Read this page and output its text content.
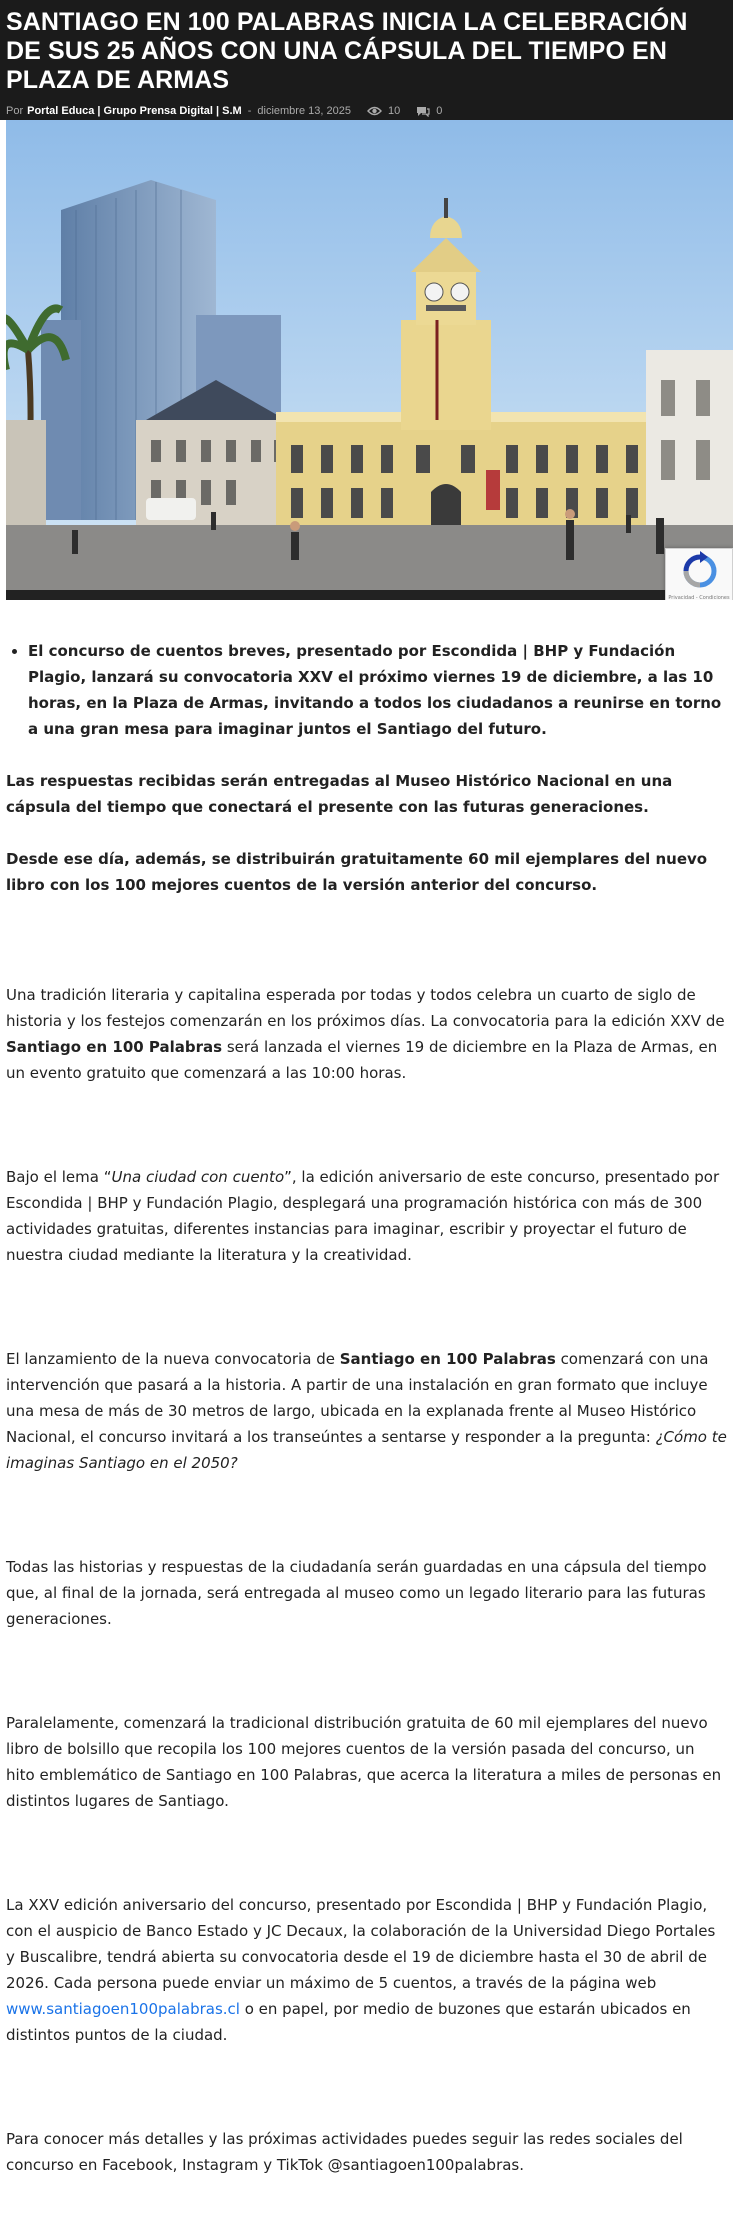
SANTIAGO EN 100 PALABRAS INICIA LA CELEBRACIÓN DE SUS 25 AÑOS CON UNA CÁPSULA DEL TIEMPO EN PLAZA DE ARMAS
Por Portal Educa | Grupo Prensa Digital | S.M - diciembre 13, 2025	10	0
Privacidad - Condiciones
• El concurso de cuentos breves, presentado por Escondida | BHP y Fundación Plagio, lanzará su convocatoria XXV el próximo viernes 19 de diciembre, a las 10 horas, en la Plaza de Armas, invitando a todos los ciudadanos a reunirse en torno a una gran mesa para imaginar juntos el Santiago del futuro.

Las respuestas recibidas serán entregadas al Museo Histórico Nacional en una cápsula del tiempo que conectará el presente con las futuras generaciones.

Desde ese día, además, se distribuirán gratuitamente 60 mil ejemplares del nuevo libro con los 100 mejores cuentos de la versión anterior del concurso.

Una tradición literaria y capitalina esperada por todas y todos celebra un cuarto de siglo de historia y los festejos comenzarán en los próximos días. La convocatoria para la edición XXV de Santiago en 100 Palabras será lanzada el viernes 19 de diciembre en la Plaza de Armas, en un evento gratuito que comenzará a las 10:00 horas.

Bajo el lema “Una ciudad con cuento”, la edición aniversario de este concurso, presentado por Escondida | BHP y Fundación Plagio, desplegará una programación histórica con más de 300 actividades gratuitas, diferentes instancias para imaginar, escribir y proyectar el futuro de nuestra ciudad mediante la literatura y la creatividad.

El lanzamiento de la nueva convocatoria de Santiago en 100 Palabras comenzará con una intervención que pasará a la historia. A partir de una instalación en gran formato que incluye una mesa de más de 30 metros de largo, ubicada en la explanada frente al Museo Histórico Nacional, el concurso invitará a los transeúntes a sentarse y responder a la pregunta: ¿Cómo te imaginas Santiago en el 2050?

Todas las historias y respuestas de la ciudadanía serán guardadas en una cápsula del tiempo que, al final de la jornada, será entregada al museo como un legado literario para las futuras generaciones.

Paralelamente, comenzará la tradicional distribución gratuita de 60 mil ejemplares del nuevo libro de bolsillo que recopila los 100 mejores cuentos de la versión pasada del concurso, un hito emblemático de Santiago en 100 Palabras, que acerca la literatura a miles de personas en distintos lugares de Santiago.

La XXV edición aniversario del concurso, presentado por Escondida | BHP y Fundación Plagio, con el auspicio de Banco Estado y JC Decaux, la colaboración de la Universidad Diego Portales y Buscalibre, tendrá abierta su convocatoria desde el 19 de diciembre hasta el 30 de abril de 2026. Cada persona puede enviar un máximo de 5 cuentos, a través de la página web www.santiagoen100palabras.cl o en papel, por medio de buzones que estarán ubicados en distintos puntos de la ciudad.

Para conocer más detalles y las próximas actividades puedes seguir las redes sociales del concurso en Facebook, Instagram y TikTok @santiagoen100palabras.
